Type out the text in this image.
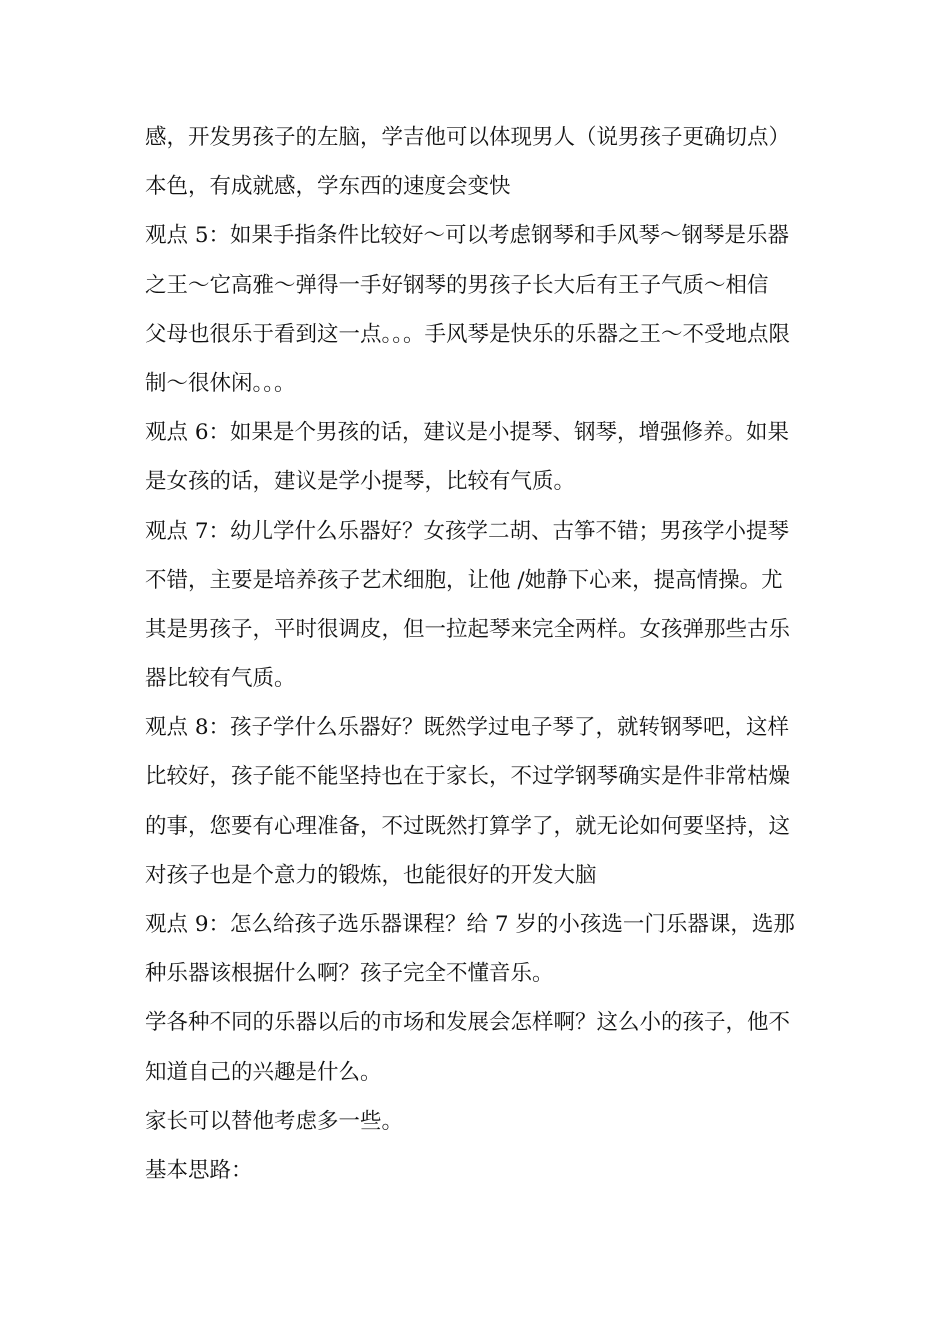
感，开发男孩子的左脑，学吉他可以体现男人（说男孩子更确切点）
本色，有成就感，学东西的速度会变快
观点 5：如果手指条件比较好～可以考虑钢琴和手风琴～钢琴是乐器
之王～它高雅～弹得一手好钢琴的男孩子长大后有王子气质～相信
父母也很乐于看到这一点。。。手风琴是快乐的乐器之王～不受地点限
制～很休闲。。。
观点 6：如果是个男孩的话，建议是小提琴、钢琴，增强修养。如果
是女孩的话，建议是学小提琴，比较有气质。
观点 7：幼儿学什么乐器好？女孩学二胡、古筝不错；男孩学小提琴
不错，主要是培养孩子艺术细胞，让他 /她静下心来，提高情操。尤
其是男孩子，平时很调皮，但一拉起琴来完全两样。女孩弹那些古乐
器比较有气质。
观点 8：孩子学什么乐器好？既然学过电子琴了，就转钢琴吧，这样
比较好，孩子能不能坚持也在于家长，不过学钢琴确实是件非常枯燥
的事，您要有心理准备，不过既然打算学了，就无论如何要坚持，这
对孩子也是个意力的锻炼，也能很好的开发大脑
观点 9：怎么给孩子选乐器课程？给 7 岁的小孩选一门乐器课，选那
种乐器该根据什么啊？孩子完全不懂音乐。
学各种不同的乐器以后的市场和发展会怎样啊？这么小的孩子，他不
知道自己的兴趣是什么。
家长可以替他考虑多一些。
基本思路：
